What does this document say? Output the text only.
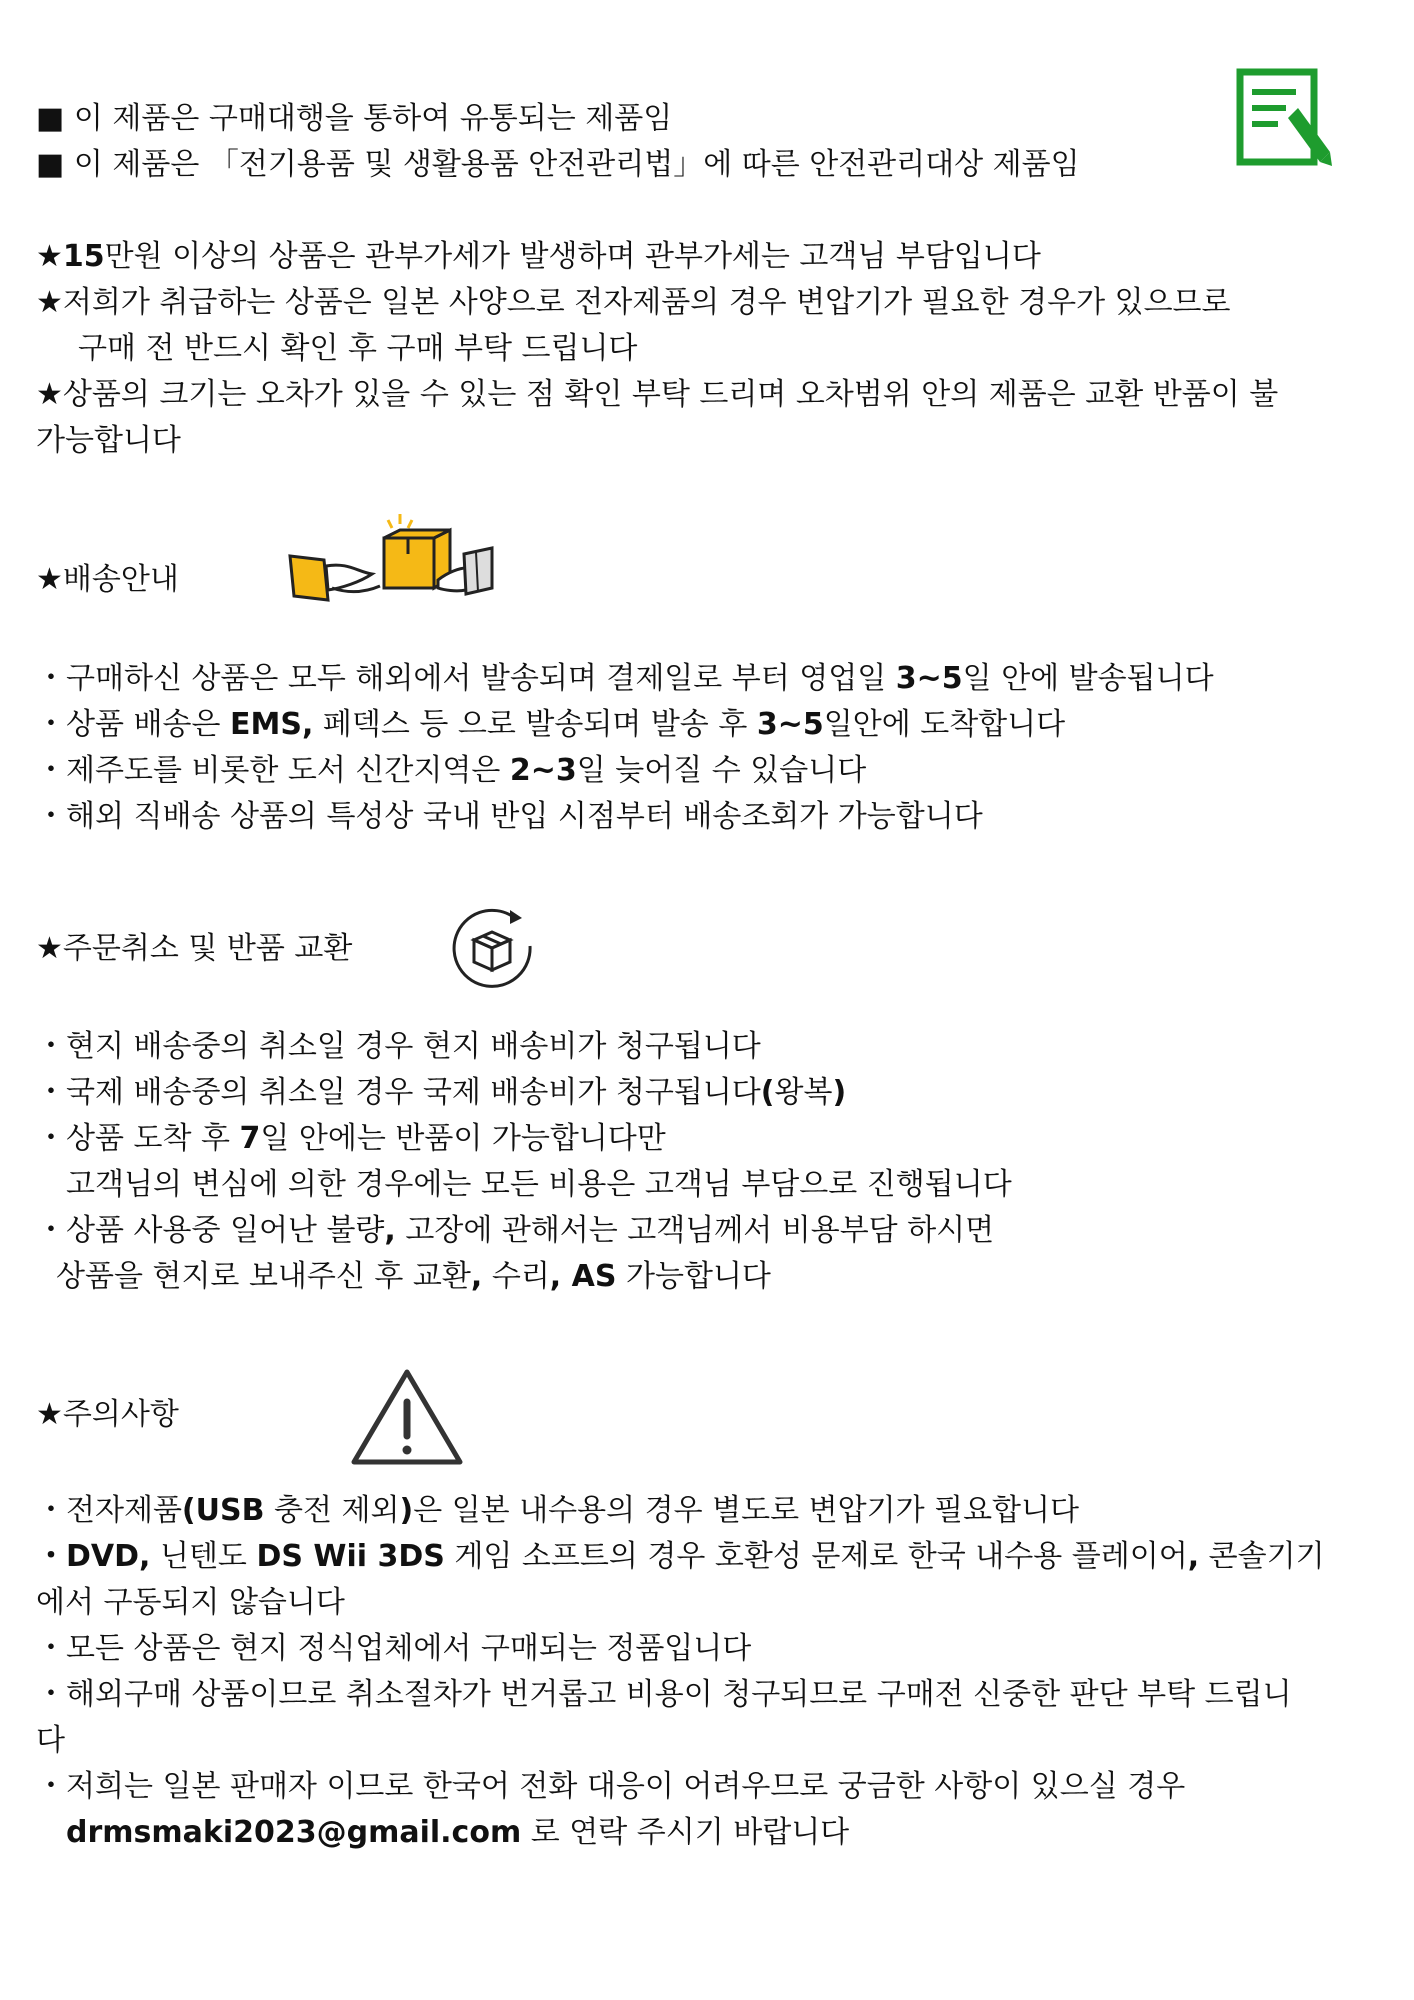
■ 이 제품은 구매대행을 통하여 유통되는 제품임

■ 이 제품은 「전기용품 및 생활용품 안전관리법」에 따른 안전관리대상 제품임

★15만원 이상의 상품은 관부가세가 발생하며 관부가세는 고객님 부담입니다

★저희가 취급하는 상품은 일본 사양으로 전자제품의 경우 변압기가 필요한 경우가 있으므로

구매 전 반드시 확인 후 구매 부탁 드립니다

★상품의 크기는 오차가 있을 수 있는 점 확인 부탁 드리며 오차범위 안의 제품은 교환 반품이 불

가능합니다

★배송안내

・구매하신 상품은 모두 해외에서 발송되며 결제일로 부터 영업일 3~5일 안에 발송됩니다

・상품 배송은 EMS, 페덱스 등 으로 발송되며 발송 후 3~5일안에 도착합니다

・제주도를 비롯한 도서 신간지역은 2~3일 늦어질 수 있습니다

・해외 직배송 상품의 특성상 국내 반입 시점부터 배송조회가 가능합니다

★주문취소 및 반품 교환

・현지 배송중의 취소일 경우 현지 배송비가 청구됩니다

・국제 배송중의 취소일 경우 국제 배송비가 청구됩니다(왕복)

・상품 도착 후 7일 안에는 반품이 가능합니다만

고객님의 변심에 의한 경우에는 모든 비용은 고객님 부담으로 진행됩니다

・상품 사용중 일어난 불량, 고장에 관해서는 고객님께서 비용부담 하시면

상품을 현지로 보내주신 후 교환, 수리, AS 가능합니다

★주의사항

・전자제품(USB 충전 제외)은 일본 내수용의 경우 별도로 변압기가 필요합니다

・DVD, 닌텐도 DS Wii 3DS 게임 소프트의 경우 호환성 문제로 한국 내수용 플레이어, 콘솔기기

에서 구동되지 않습니다

・모든 상품은 현지 정식업체에서 구매되는 정품입니다

・해외구매 상품이므로 취소절차가 번거롭고 비용이 청구되므로 구매전 신중한 판단 부탁 드립니

다

・저희는 일본 판매자 이므로 한국어 전화 대응이 어려우므로 궁금한 사항이 있으실 경우

drmsmaki2023@gmail.com 로 연락 주시기 바랍니다
